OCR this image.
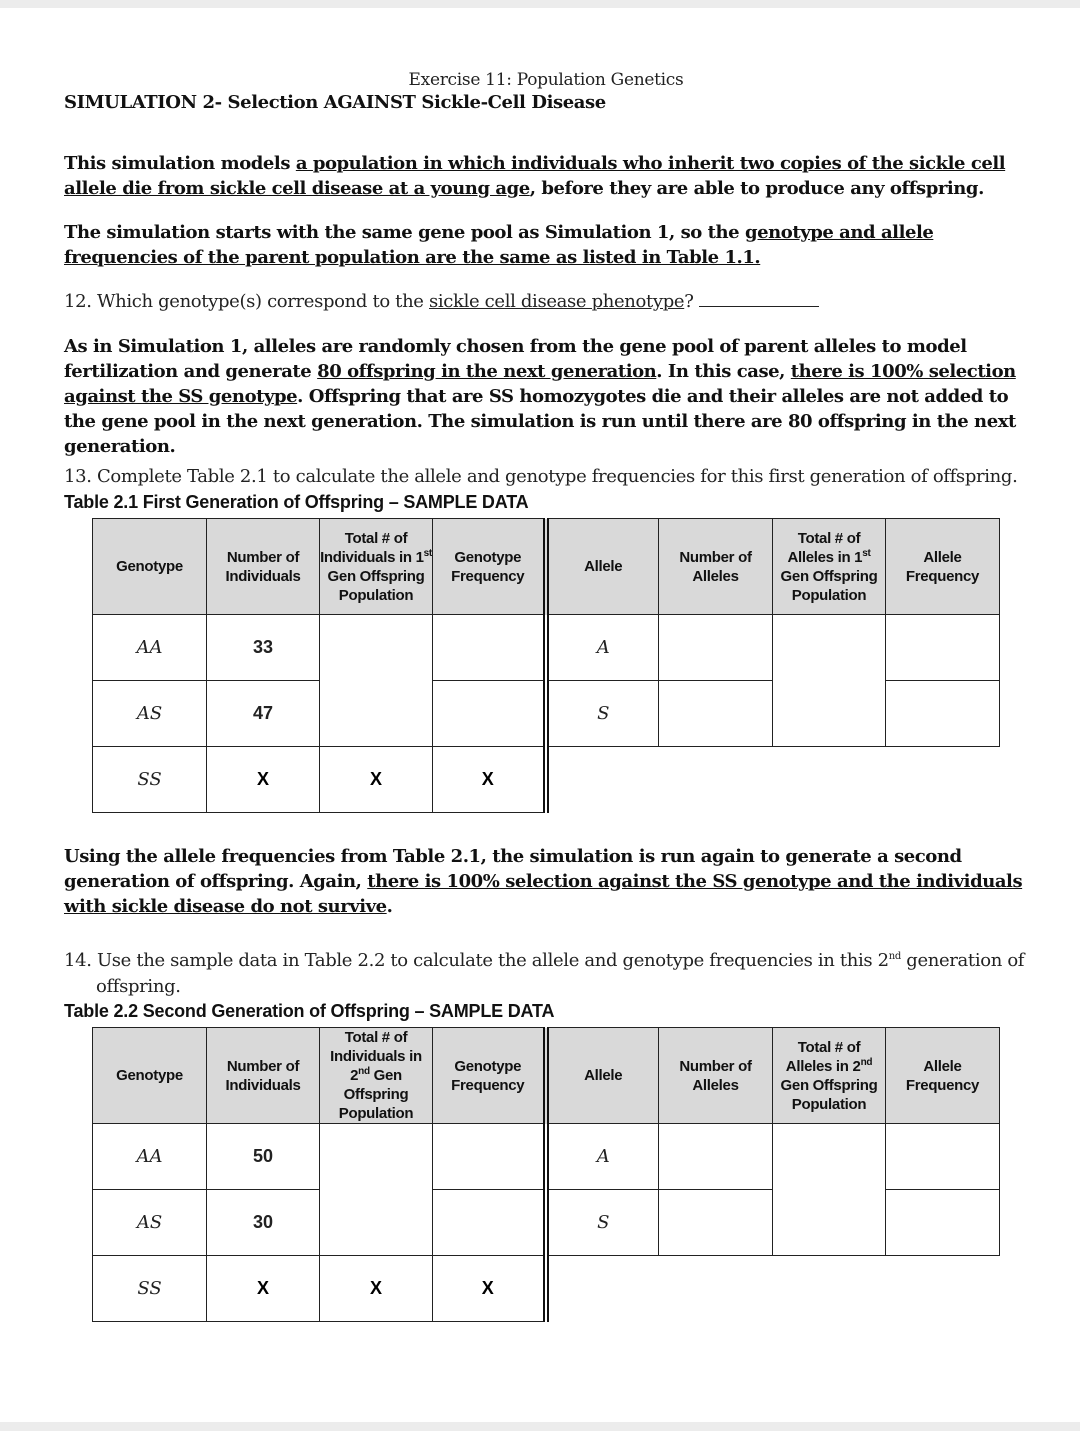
Exercise 11: Population Genetics
SIMULATION 2- Selection AGAINST Sickle-Cell Disease
This simulation models a population in which individuals who inherit two copies of the sickle cell allele die from sickle cell disease at a young age, before they are able to produce any offspring.
The simulation starts with the same gene pool as Simulation 1, so the genotype and allele frequencies of the parent population are the same as listed in Table 1.1.
12. Which genotype(s) correspond to the sickle cell disease phenotype?
As in Simulation 1, alleles are randomly chosen from the gene pool of parent alleles to model fertilization and generate 80 offspring in the next generation. In this case, there is 100% selection against the SS genotype. Offspring that are SS homozygotes die and their alleles are not added to the gene pool in the next generation. The simulation is run until there are 80 offspring in the next generation.
13. Complete Table 2.1 to calculate the allele and genotype frequencies for this first generation of offspring.
Table 2.1 First Generation of Offspring – SAMPLE DATA
Genotype	Number of Individuals	Total # of Individuals in 1st Gen Offspring Population	Genotype Frequency	Allele	Number of Alleles	Total # of Alleles in 1st Gen Offspring Population	Allele Frequency
AA	33			A			
AS	47			S			
SS	X	X	X				
Using the allele frequencies from Table 2.1, the simulation is run again to generate a second generation of offspring. Again, there is 100% selection against the SS genotype and the individuals with sickle disease do not survive.
14. Use the sample data in Table 2.2 to calculate the allele and genotype frequencies in this 2nd generation of
offspring.
Table 2.2 Second Generation of Offspring – SAMPLE DATA
Genotype	Number of Individuals	Total # of Individuals in 2nd Gen Offspring Population	Genotype Frequency	Allele	Number of Alleles	Total # of Alleles in 2nd Gen Offspring Population	Allele Frequency
AA	50			A			
AS	30			S			
SS	X	X	X				
